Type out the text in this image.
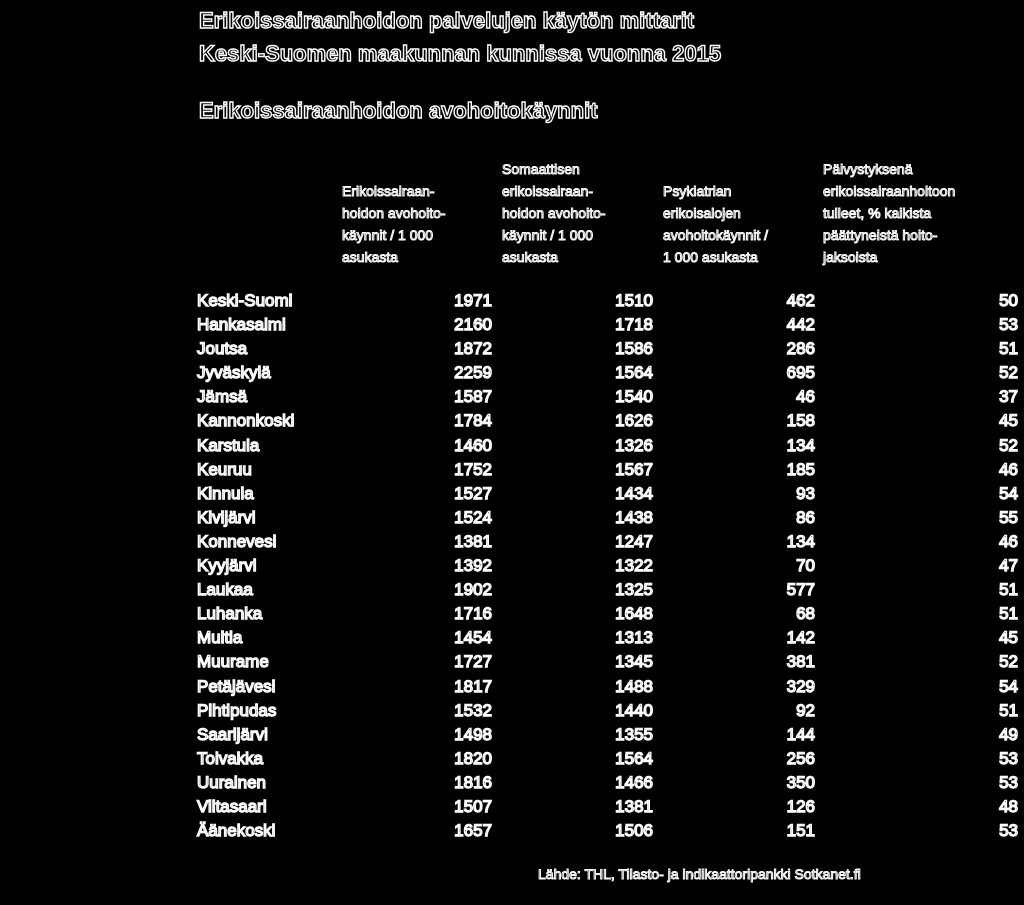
Erikoissairaanhoidon palvelujen käytön mittarit
Keski-Suomen maakunnan kunnissa vuonna 2015
Erikoissairaanhoidon avohoitokäynnit
Erikoissairaan-
hoidon avohoito-
käynnit / 1 000
asukasta
Somaattisen
erikoissairaan-
hoidon avohoito-
käynnit / 1 000
asukasta
Psykiatrian
erikoisalojen
avohoitokäynnit /
1 000 asukasta
Päivystyksenä
erikoissairaanhoitoon
tulleet, % kaikista
päättyneistä hoito-
jaksoista
Keski-Suomi	1971	1510	462	50
Hankasalmi	2160	1718	442	53
Joutsa	1872	1586	286	51
Jyväskylä	2259	1564	695	52
Jämsä	1587	1540	46	37
Kannonkoski	1784	1626	158	45
Karstula	1460	1326	134	52
Keuruu	1752	1567	185	46
Kinnula	1527	1434	93	54
Kivijärvi	1524	1438	86	55
Konnevesi	1381	1247	134	46
Kyyjärvi	1392	1322	70	47
Laukaa	1902	1325	577	51
Luhanka	1716	1648	68	51
Multia	1454	1313	142	45
Muurame	1727	1345	381	52
Petäjävesi	1817	1488	329	54
Pihtipudas	1532	1440	92	51
Saarijärvi	1498	1355	144	49
Toivakka	1820	1564	256	53
Uurainen	1816	1466	350	53
Viitasaari	1507	1381	126	48
Äänekoski	1657	1506	151	53
Lähde: THL, Tilasto- ja indikaattoripankki Sotkanet.fi
